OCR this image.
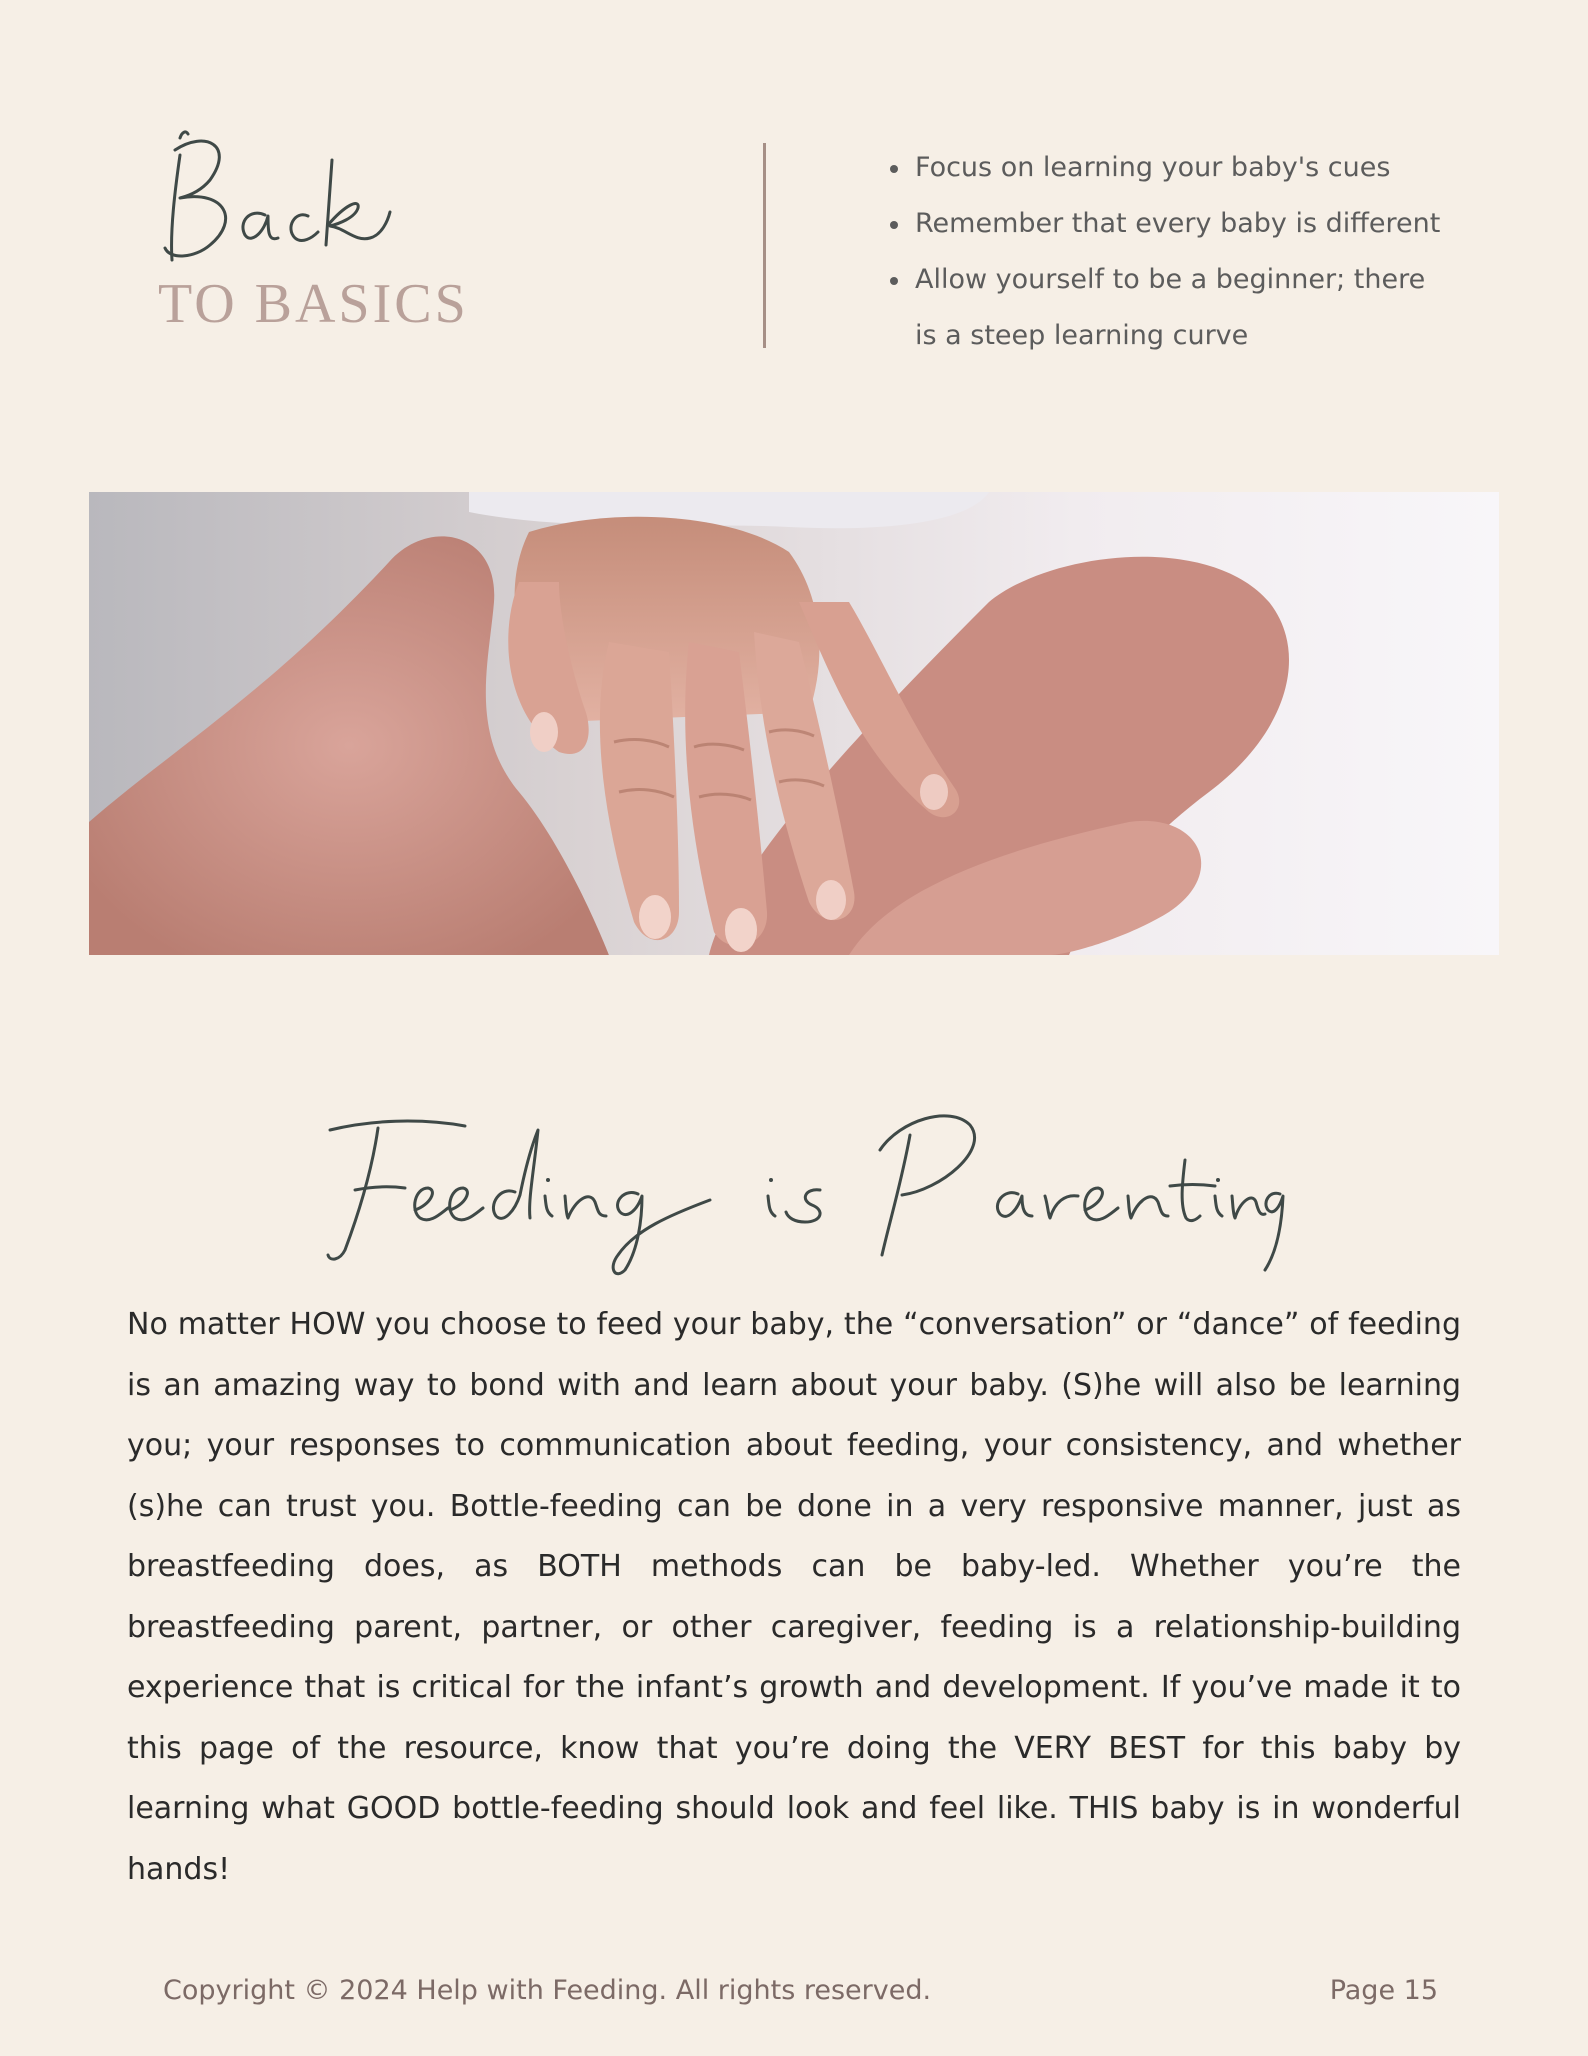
TO BASICS
Focus on learning your baby's cues
Remember that every baby is different
Allow yourself to be a beginner; there is a steep learning curve

No matter HOW you choose to feed your baby, the “conversation” or “dance” of feeding is an amazing way to bond with and learn about your baby. (S)he will also be learning you; your responses to communication about feeding, your consistency, and whether (s)he can trust you. Bottle-feeding can be done in a very responsive manner, just as breastfeeding does, as BOTH methods can be baby-led. Whether you’re the breastfeeding parent, partner, or other caregiver, feeding is a relationship-building experience that is critical for the infant’s growth and development. If you’ve made it to this page of the resource, know that you’re doing the VERY BEST for this baby by learning what GOOD bottle-feeding should look and feel like. THIS baby is in wonderful hands!

Copyright © 2024 Help with Feeding. All rights reserved.	Page 15
